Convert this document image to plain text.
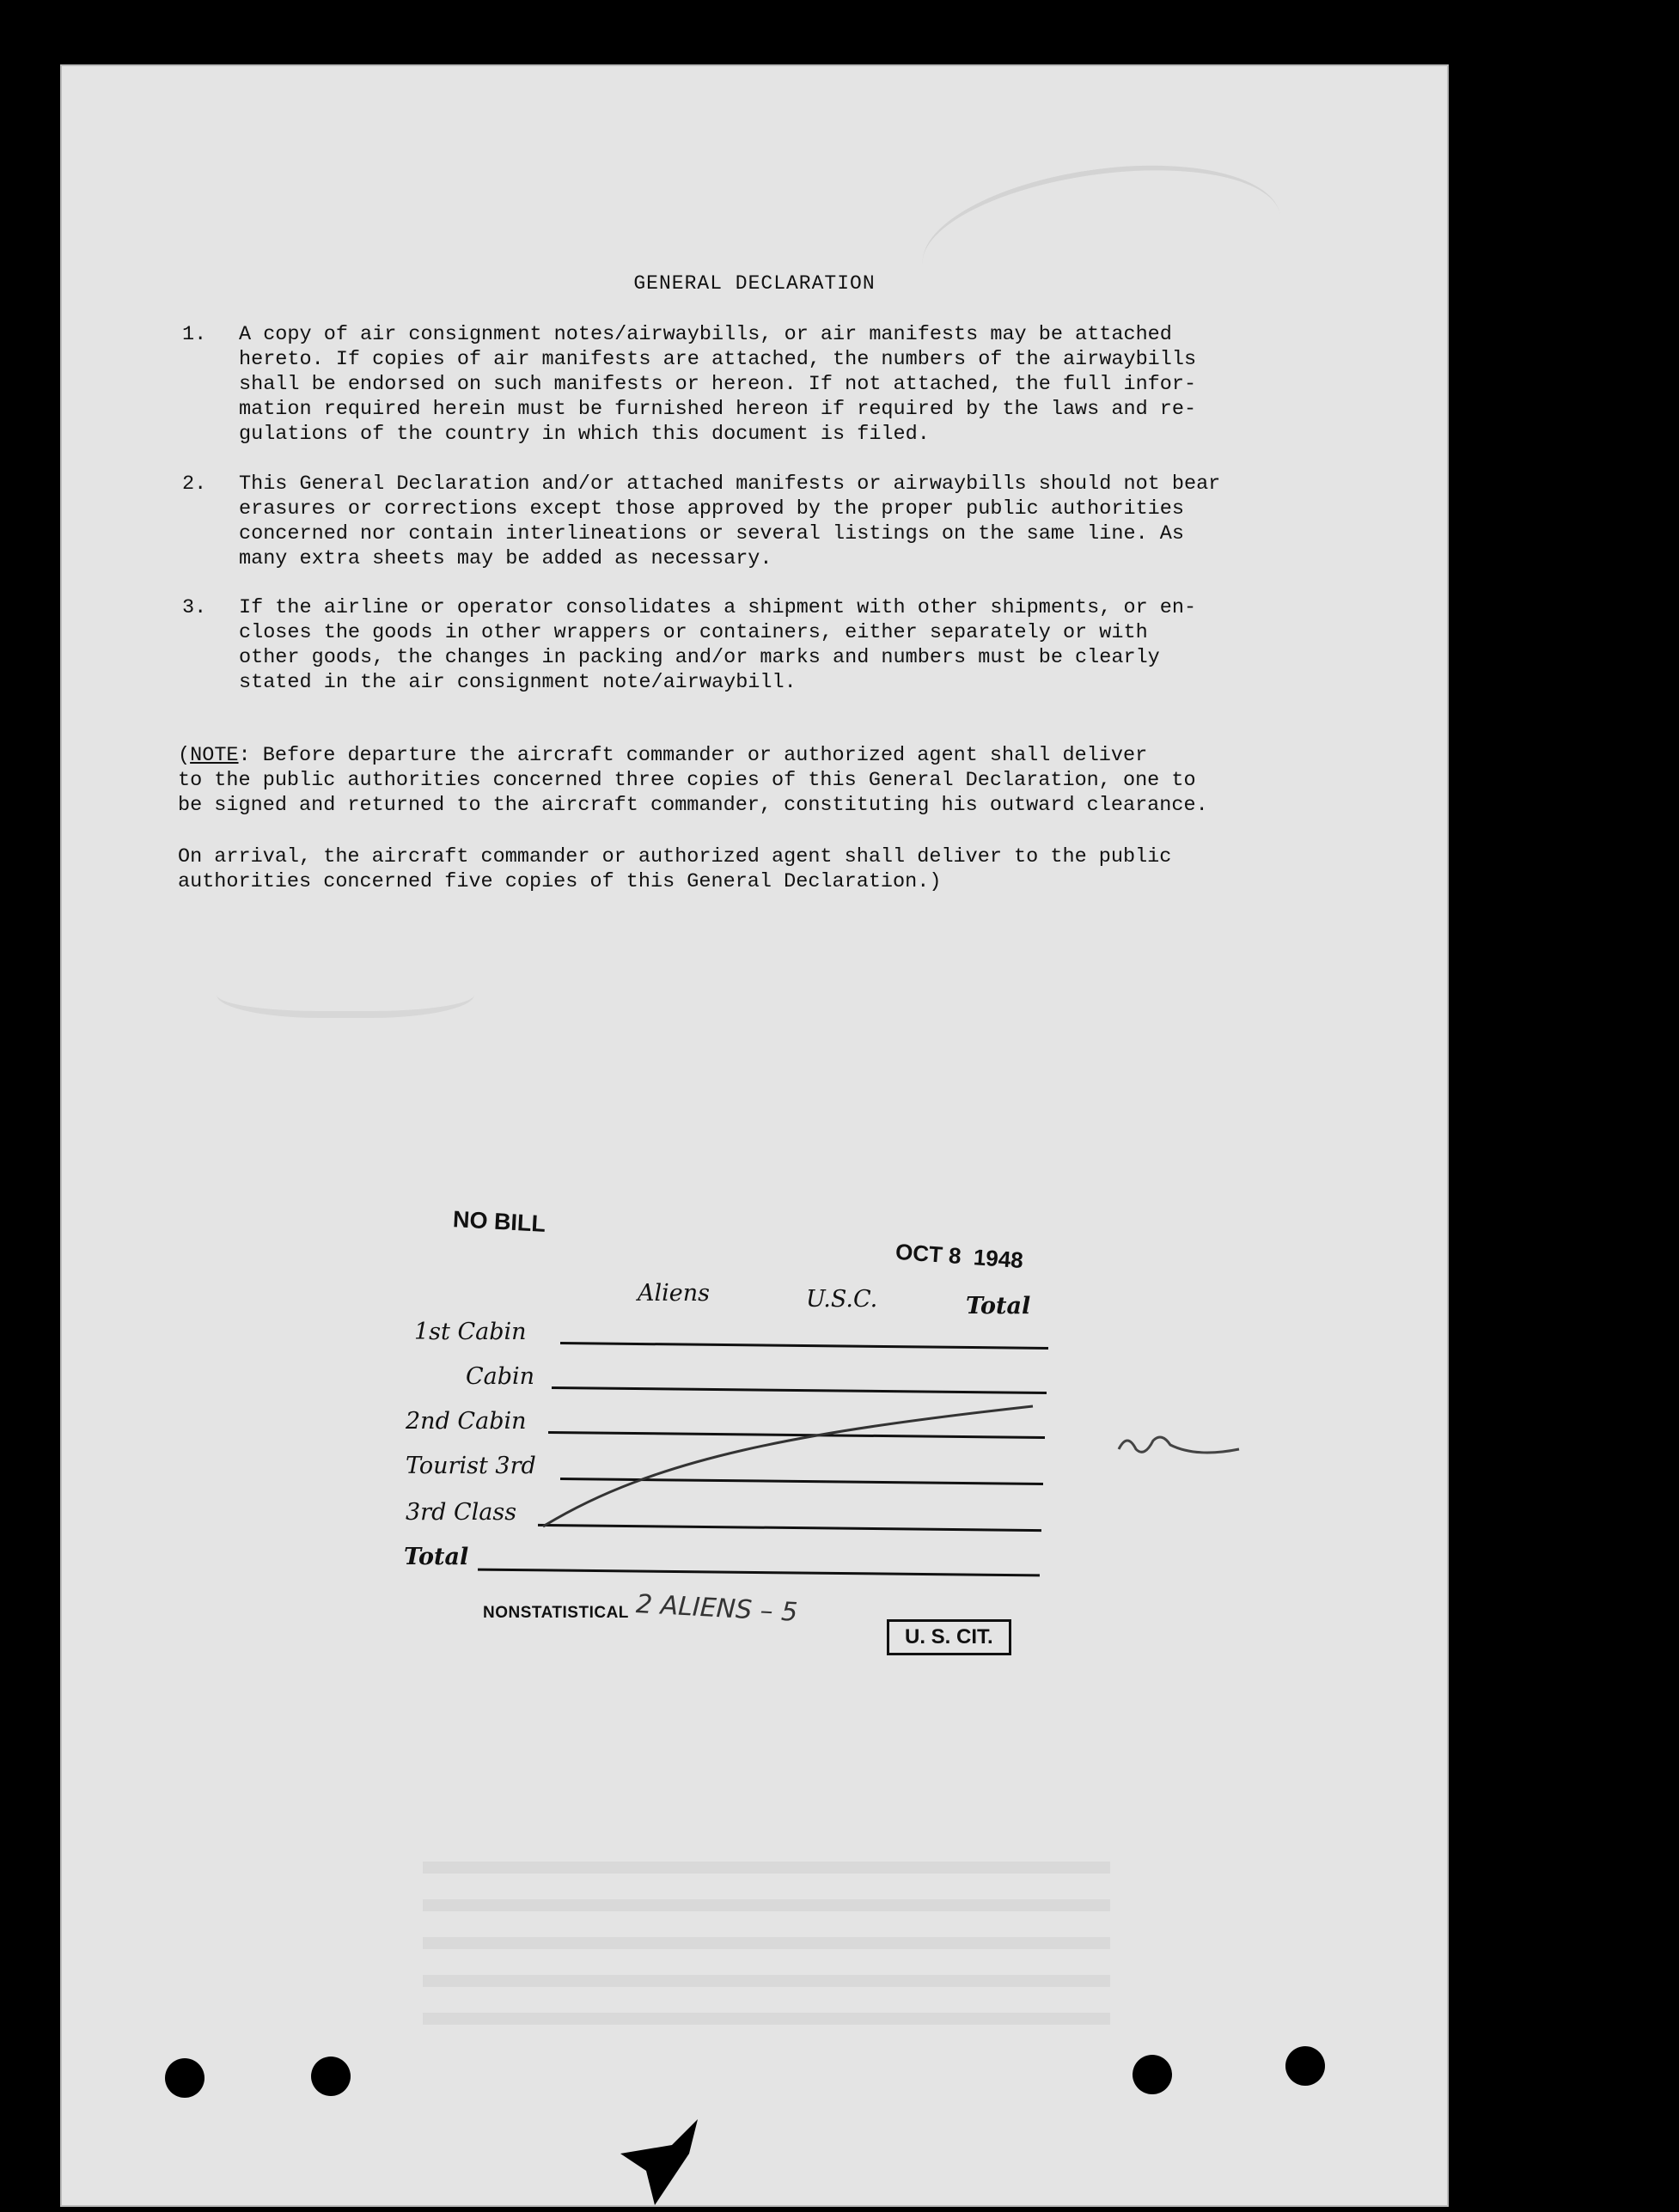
GENERAL DECLARATION
1. A copy of air consignment notes/airwaybills, or air manifests may be attached
hereto. If copies of air manifests are attached, the numbers of the airwaybills
shall be endorsed on such manifests or hereon. If not attached, the full infor-
mation required herein must be furnished hereon if required by the laws and re-
gulations of the country in which this document is filed.
2. This General Declaration and/or attached manifests or airwaybills should not bear
erasures or corrections except those approved by the proper public authorities
concerned nor contain interlineations or several listings on the same line. As
many extra sheets may be added as necessary.
3. If the airline or operator consolidates a shipment with other shipments, or en-
closes the goods in other wrappers or containers, either separately or with
other goods, the changes in packing and/or marks and numbers must be clearly
stated in the air consignment note/airwaybill.
(NOTE: Before departure the aircraft commander or authorized agent shall deliver
to the public authorities concerned three copies of this General Declaration, one to
be signed and returned to the aircraft commander, constituting his outward clearance.
On arrival, the aircraft commander or authorized agent shall deliver to the public
authorities concerned five copies of this General Declaration.)
NO BILL
OCT 8  1948
Aliens	U.S.C.	Total
1st Cabin
Cabin
2nd Cabin
Tourist 3rd
3rd Class
Total
NONSTATISTICAL 2 ALIENS – 5
U. S. CIT.
